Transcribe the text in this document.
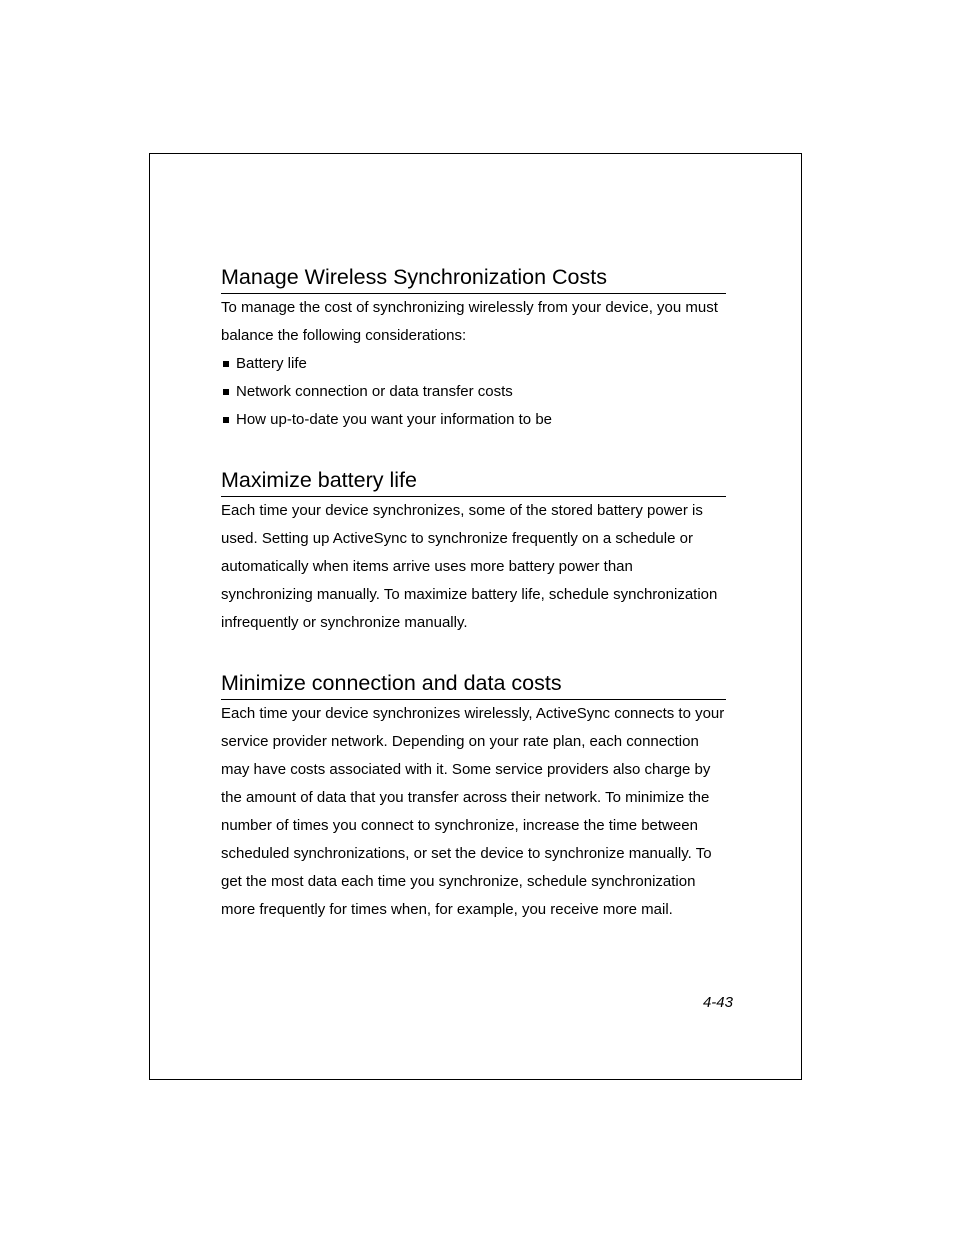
Manage Wireless Synchronization Costs

To manage the cost of synchronizing wirelessly from your device, you must balance the following considerations:

Battery life
Network connection or data transfer costs
How up-to-date you want your information to be
Maximize battery life

Each time your device synchronizes, some of the stored battery power is used. Setting up ActiveSync to synchronize frequently on a schedule or automatically when items arrive uses more battery power than synchronizing manually. To maximize battery life, schedule synchronization infrequently or synchronize manually.

Minimize connection and data costs

Each time your device synchronizes wirelessly, ActiveSync connects to your service provider network. Depending on your rate plan, each connection may have costs associated with it. Some service providers also charge by the amount of data that you transfer across their network. To minimize the number of times you connect to synchronize, increase the time between scheduled synchronizations, or set the device to synchronize manually. To get the most data each time you synchronize, schedule synchronization more frequently for times when, for example, you receive more mail.

4-43
